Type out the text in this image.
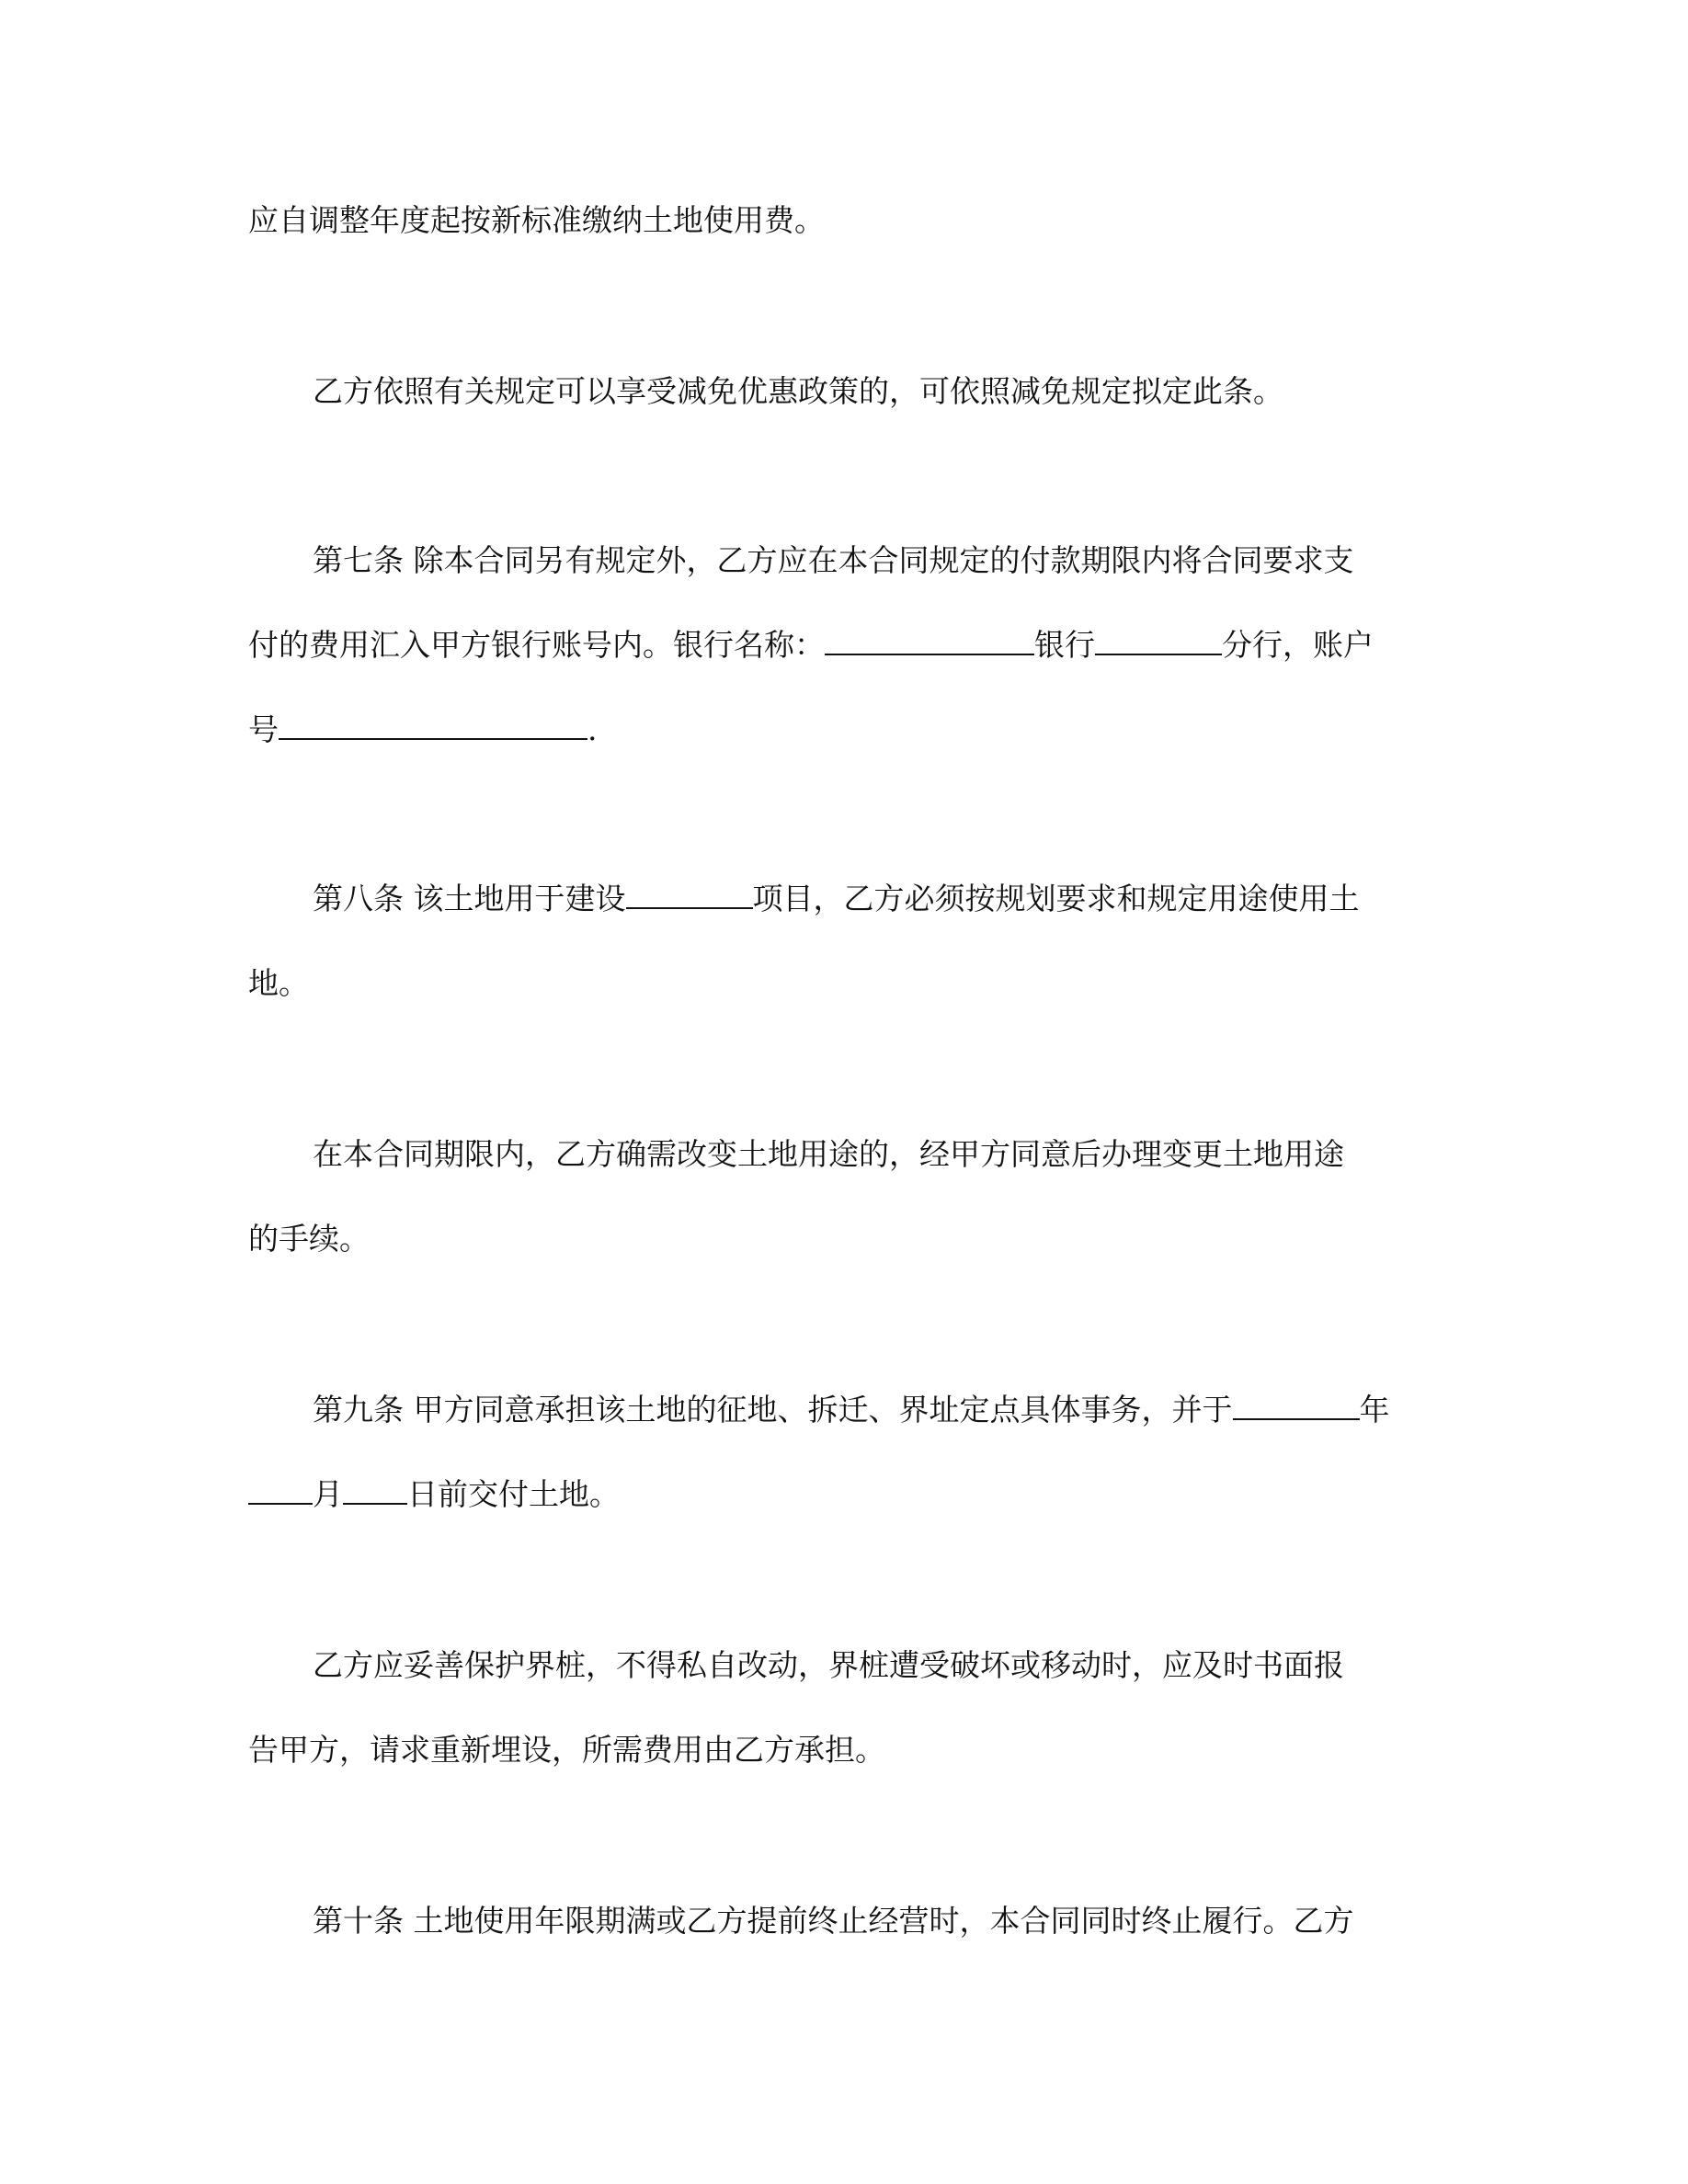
应自调整年度起按新标准缴纳土地使用费。
乙方依照有关规定可以享受减免优惠政策的，可依照减免规定拟定此条。
第七条 除本合同另有规定外，乙方应在本合同规定的付款期限内将合同要求支
付的费用汇入甲方银行账号内。银行名称：	银行	分行，账户
号	.
第八条 该土地用于建设	项目，乙方必须按规划要求和规定用途使用土
地。
在本合同期限内，乙方确需改变土地用途的，经甲方同意后办理变更土地用途
的手续。
第九条 甲方同意承担该土地的征地、拆迁、界址定点具体事务，并于	年
月 日前交付土地。
乙方应妥善保护界桩，不得私自改动，界桩遭受破坏或移动时，应及时书面报
告甲方，请求重新埋设，所需费用由乙方承担。
第十条 土地使用年限期满或乙方提前终止经营时，本合同同时终止履行。乙方
